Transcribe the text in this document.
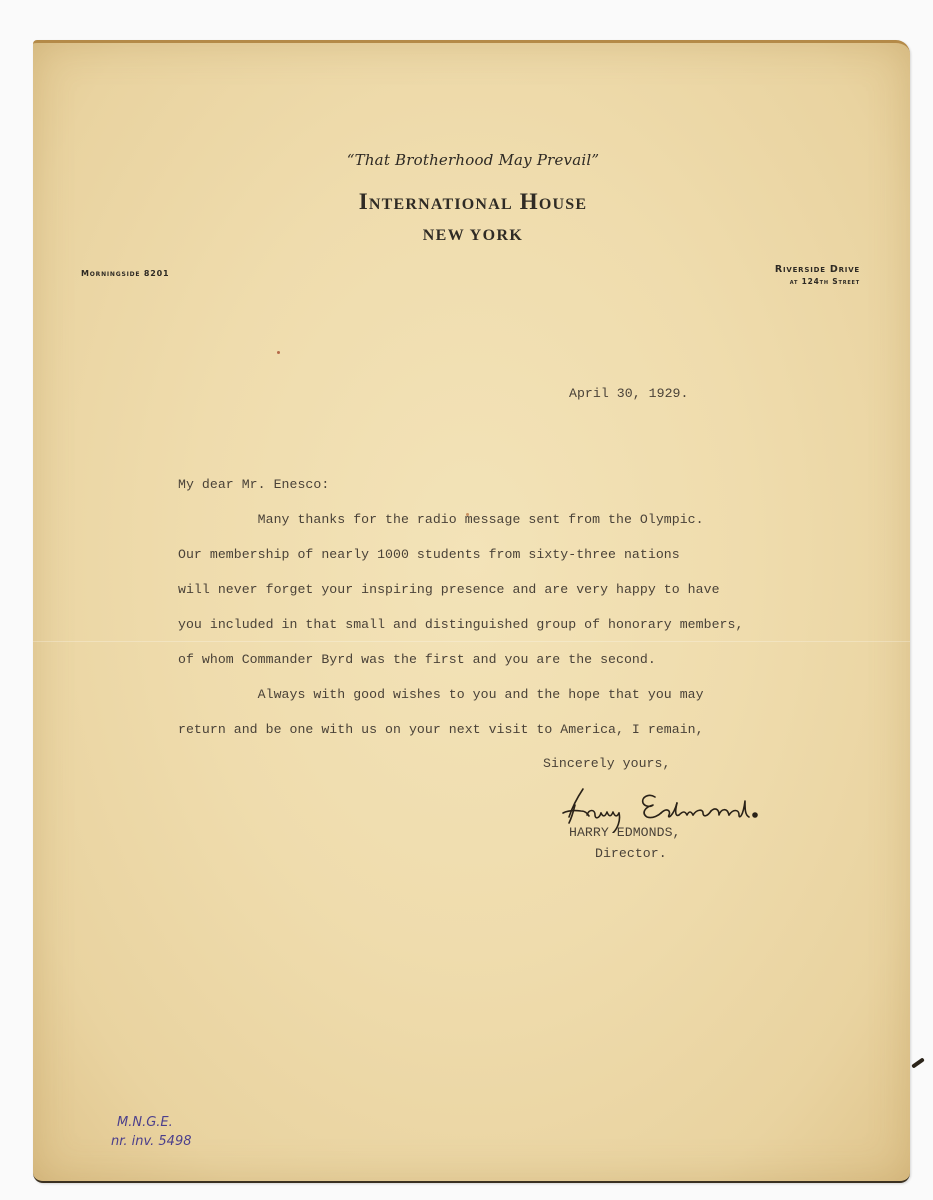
“That Brotherhood May Prevail”
International House
NEW YORK
Morningside 8201	Riverside Drive
at 124th Street
April 30, 1929.
My dear Mr. Enesco:
Many thanks for the radio message sent from the Olympic.
Our membership of nearly 1000 students from sixty-three nations
will never forget your inspiring presence and are very happy to have
you included in that small and distinguished group of honorary members,
of whom Commander Byrd was the first and you are the second.
Always with good wishes to you and the hope that you may
return and be one with us on your next visit to America, I remain,
Sincerely yours,
HARRY EDMONDS,
Director.
M.N.G.E.
nr. inv. 5498
